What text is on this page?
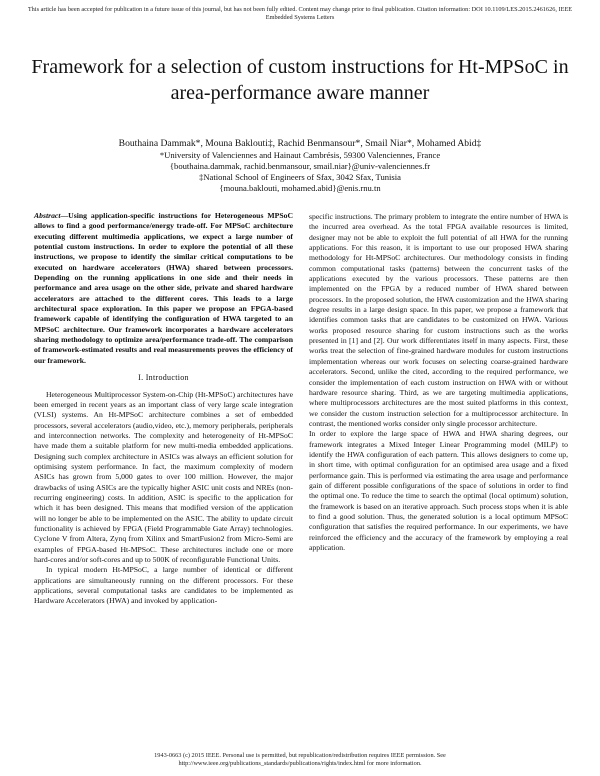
This article has been accepted for publication in a future issue of this journal, but has not been fully edited. Content may change prior to final publication. Citation information: DOI 10.1109/LES.2015.2461626, IEEE Embedded Systems Letters
Framework for a selection of custom instructions for Ht-MPSoC in area-performance aware manner
Bouthaina Dammak*, Mouna Baklouti‡, Rachid Benmansour*, Smail Niar*, Mohamed Abid‡
*University of Valenciennes and Hainaut Cambrésis, 59300 Valenciennes, France
{bouthaina.dammak, rachid.benmansour, smail.niar}@univ-valenciennes.fr
‡National School of Engineers of Sfax, 3042 Sfax, Tunisia
{mouna.baklouti, mohamed.abid}@enis.rnu.tn

Abstract—Using application-specific instructions for Heterogeneous MPSoC allows to find a good performance/energy trade-off. For MPSoC architecture executing different multimedia applications, we expect a large number of potential custom instructions. In order to explore the potential of all these instructions, we propose to identify the similar critical computations to be executed on hardware accelerators (HWA) shared between processors. Depending on the running applications in one side and their needs in performance and area usage on the other side, private and shared hardware accelerators are attached to the different cores. This leads to a large architectural space exploration. In this paper we propose an FPGA-based framework capable of identifying the configuration of HWA targeted to an MPSoC architecture. Our framework incorporates a hardware accelerators sharing methodology to optimize area/performance trade-off. The comparison of framework-estimated results and real measurements proves the efficiency of our framework.

I. Introduction

Heterogeneous Multiprocessor System-on-Chip (Ht-MPSoC) architectures have been emerged in recent years as an important class of very large scale integration (VLSI) systems. An Ht-MPSoC architecture combines a set of embedded processors, several accelerators (audio,video, etc.), memory peripherals, peripherals and interconnection networks. The complexity and heterogeneity of Ht-MPSoC have made them a suitable platform for new multi-media embedded applications. Designing such complex architecture in ASICs was always an efficient solution for optimising system performance. In fact, the maximum complexity of modern ASICs has grown from 5,000 gates to over 100 million. However, the major drawbacks of using ASICs are the typically higher ASIC unit costs and NREs (non-recurring engineering) costs. In addition, ASIC is specific to the application for which it has been designed. This means that modified version of the application will no longer be able to be implemented on the ASIC. The ability to update circuit functionality is achieved by FPGA (Field Programmable Gate Array) technologies. Cyclone V from Altera, Zynq from Xilinx and SmartFusion2 from Micro-Semi are examples of FPGA-based Ht-MPSoC. These architectures include one or more hard-cores and/or soft-cores and up to 500K of reconfigurable Functional Units.

In typical modern Ht-MPSoC, a large number of identical or different applications are simultaneously running on the different processors. For these applications, several computational tasks are candidates to be implemented as Hardware Accelerators (HWA) and invoked by application-

specific instructions. The primary problem to integrate the entire number of HWA is the incurred area overhead. As the total FPGA available resources is limited, designer may not be able to exploit the full potential of all HWA for the running applications. For this reason, it is important to use our proposed HWA sharing methodology for Ht-MPSoC architectures. Our methodology consists in finding common computational tasks (patterns) between the concurrent tasks of the applications executed by the various processors. These patterns are then implemented on the FPGA by a reduced number of HWA shared between processors. In the proposed solution, the HWA customization and the HWA sharing degree results in a large design space. In this paper, we propose a framework that identifies common tasks that are candidates to be customized on HWA. Various works proposed resource sharing for custom instructions such as the works presented in [1] and [2]. Our work differentiates itself in many aspects. First, these works treat the selection of fine-grained hardware modules for custom instructions implementation whereas our work focuses on selecting coarse-grained hardware accelerators. Second, unlike the cited, according to the required performance, we consider the implementation of each custom instruction on HWA with or without hardware resource sharing. Third, as we are targeting multimedia applications, where multiprocessors architectures are the most suited platforms in this context, we consider the custom instruction selection for a multiprocessor architecture. In contrast, the mentioned works consider only single processor architecture.

In order to explore the large space of HWA and HWA sharing degrees, our framework integrates a Mixed Integer Linear Programming model (MILP) to identify the HWA configuration of each pattern. This allows designers to come up, in short time, with optimal configuration for an optimised area usage and a fixed performance gain. This is performed via estimating the area usage and performance gain of different possible configurations of the space of solutions in order to find the optimal one. To reduce the time to search the optimal (local optimum) solution, the framework is based on an iterative approach. Such process stops when it is able to find a good solution. Thus, the generated solution is a local optimum MPSoC configuration that satisfies the required performance. In our experiments, we have reinforced the efficiency and the accuracy of the framework by employing a real application.

1943-0663 (c) 2015 IEEE. Personal use is permitted, but republication/redistribution requires IEEE permission. See
http://www.ieee.org/publications_standards/publications/rights/index.html for more information.
